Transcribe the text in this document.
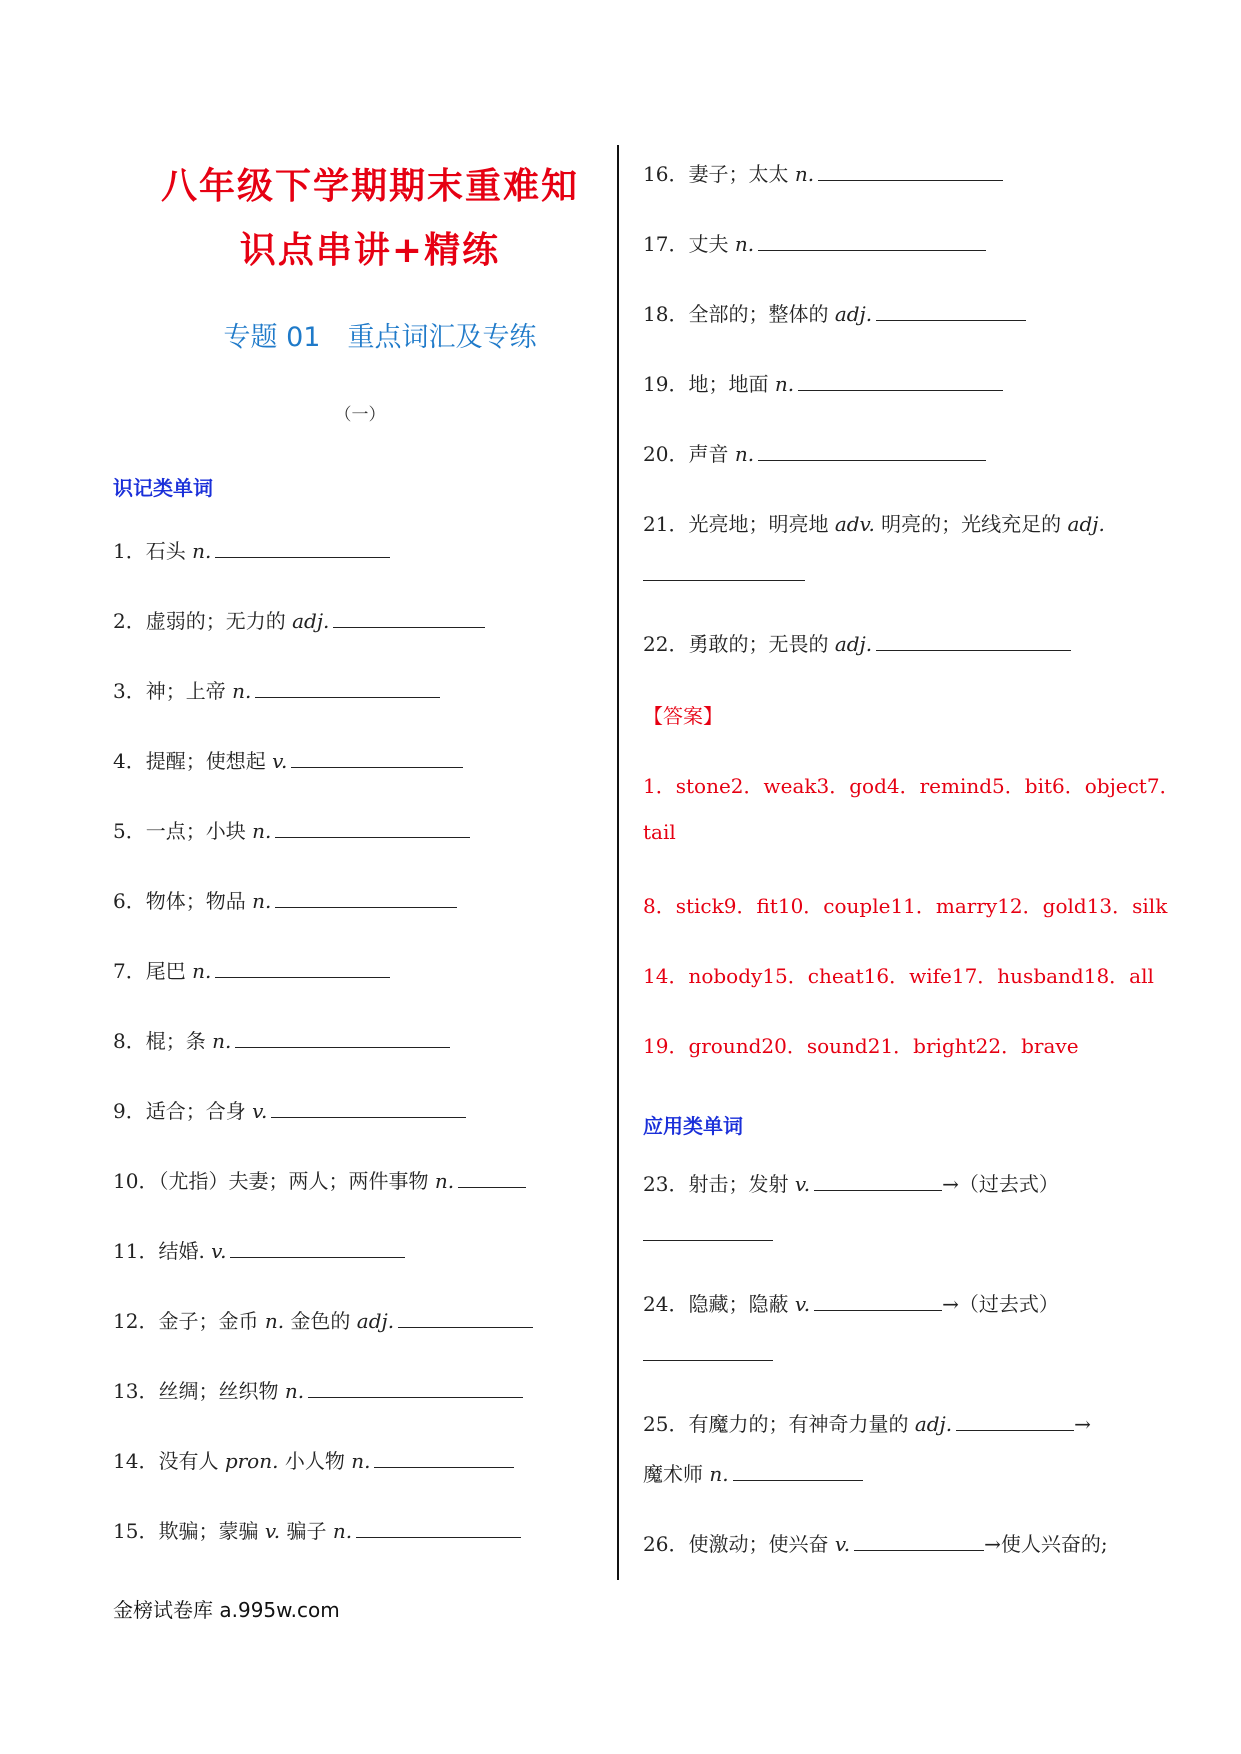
八年级下学期期末重难知
识点串讲+精练
专题 01　重点词汇及专练
（一）
识记类单词
1．石头 n.
2．虚弱的；无力的 adj.
3．神；上帝 n.
4．提醒；使想起 v.
5．一点；小块 n.
6．物体；物品 n.
7．尾巴 n.
8．棍；条 n.
9．适合；合身 v.
10．（尤指）夫妻；两人；两件事物 n.
11．结婚. v.
12．金子；金币 n. 金色的 adj.
13．丝绸；丝织物 n.
14．没有人 pron. 小人物 n.
15．欺骗；蒙骗 v. 骗子 n.
16．妻子；太太 n.
17．丈夫 n.
18．全部的；整体的 adj.
19．地；地面 n.
20．声音 n.
21．光亮地；明亮地 adv. 明亮的；光线充足的 adj.
22．勇敢的；无畏的 adj.
【答案】
1．stone2．weak3．god4．remind5．bit6．object7．
tail
8．stick9．fit10．couple11．marry12．gold13．silk
14．nobody15．cheat16．wife17．husband18．all
19．ground20．sound21．bright22．brave
应用类单词
23．射击；发射 v.	→（过去式）
24．隐藏；隐蔽 v.	→（过去式）
25．有魔力的；有神奇力量的 adj.	→
魔术师 n.
26．使激动；使兴奋 v.	→使人兴奋的;
金榜试卷库 a.995w.com
